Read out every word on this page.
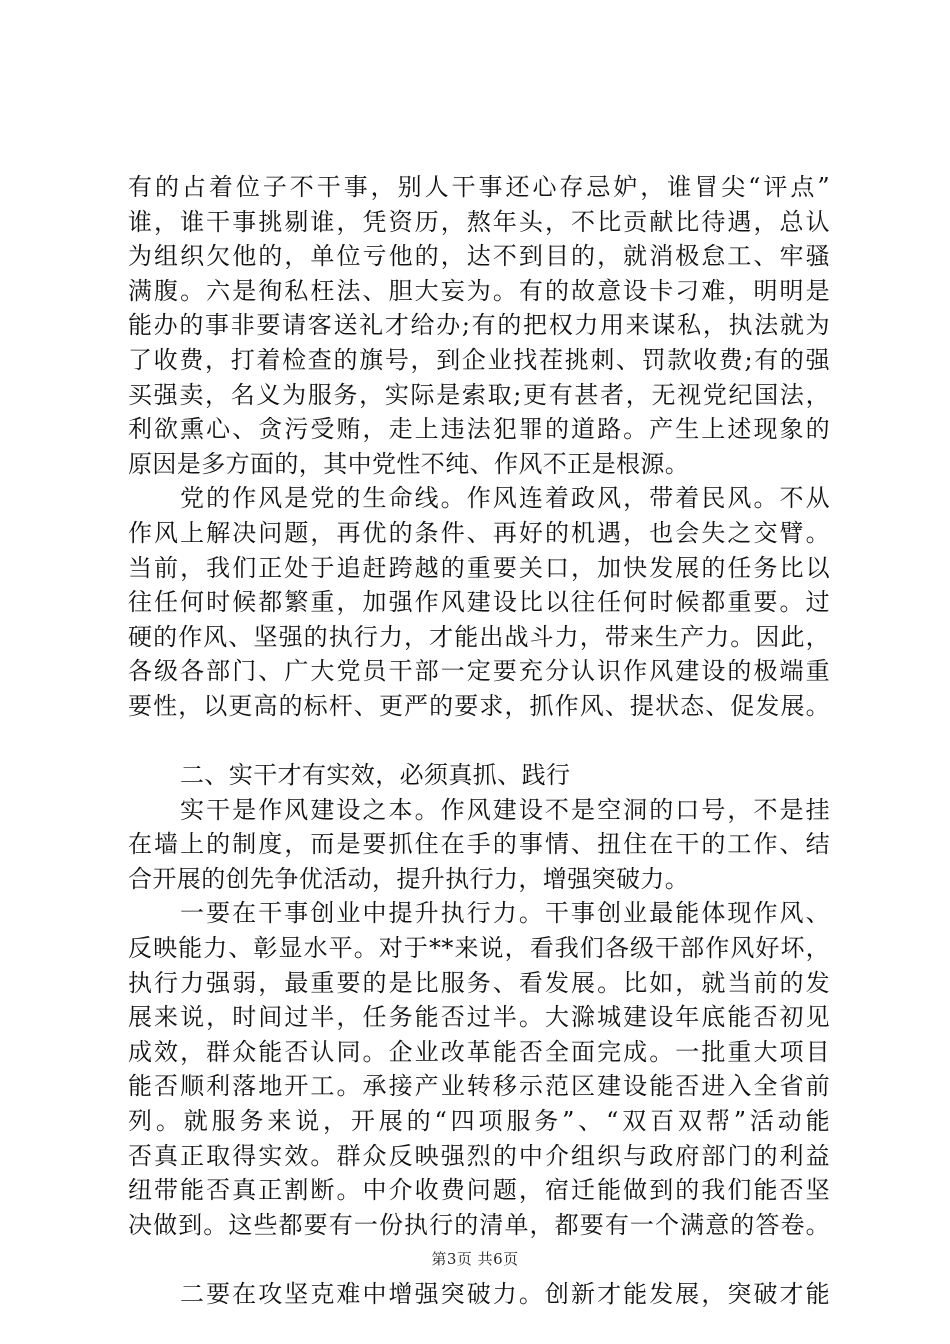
有的占着位子不干事，别人干事还心存忌妒，谁冒尖“评点”
谁，谁干事挑剔谁，凭资历，熬年头，不比贡献比待遇，总认
为组织欠他的，单位亏他的，达不到目的，就消极怠工、牢骚
满腹。六是徇私枉法、胆大妄为。有的故意设卡刁难，明明是
能办的事非要请客送礼才给办;有的把权力用来谋私，执法就为
了收费，打着检查的旗号，到企业找茬挑刺、罚款收费;有的强
买强卖，名义为服务，实际是索取;更有甚者，无视党纪国法，
利欲熏心、贪污受贿，走上违法犯罪的道路。产生上述现象的
原因是多方面的，其中党性不纯、作风不正是根源。
党的作风是党的生命线。作风连着政风，带着民风。不从
作风上解决问题，再优的条件、再好的机遇，也会失之交臂。
当前，我们正处于追赶跨越的重要关口，加快发展的任务比以
往任何时候都繁重，加强作风建设比以往任何时候都重要。过
硬的作风、坚强的执行力，才能出战斗力，带来生产力。因此，
各级各部门、广大党员干部一定要充分认识作风建设的极端重
要性，以更高的标杆、更严的要求，抓作风、提状态、促发展。
二、实干才有实效，必须真抓、践行
实干是作风建设之本。作风建设不是空洞的口号，不是挂
在墙上的制度，而是要抓住在手的事情、扭住在干的工作、结
合开展的创先争优活动，提升执行力，增强突破力。
一要在干事创业中提升执行力。干事创业最能体现作风、
反映能力、彰显水平。对于**来说，看我们各级干部作风好坏，
执行力强弱，最重要的是比服务、看发展。比如，就当前的发
展来说，时间过半，任务能否过半。大滁城建设年底能否初见
成效，群众能否认同。企业改革能否全面完成。一批重大项目
能否顺利落地开工。承接产业转移示范区建设能否进入全省前
列。就服务来说，开展的“四项服务”、“双百双帮”活动能
否真正取得实效。群众反映强烈的中介组织与政府部门的利益
纽带能否真正割断。中介收费问题，宿迁能做到的我们能否坚
决做到。这些都要有一份执行的清单，都要有一个满意的答卷。
二要在攻坚克难中增强突破力。创新才能发展，突破才能
第3页 共6页
